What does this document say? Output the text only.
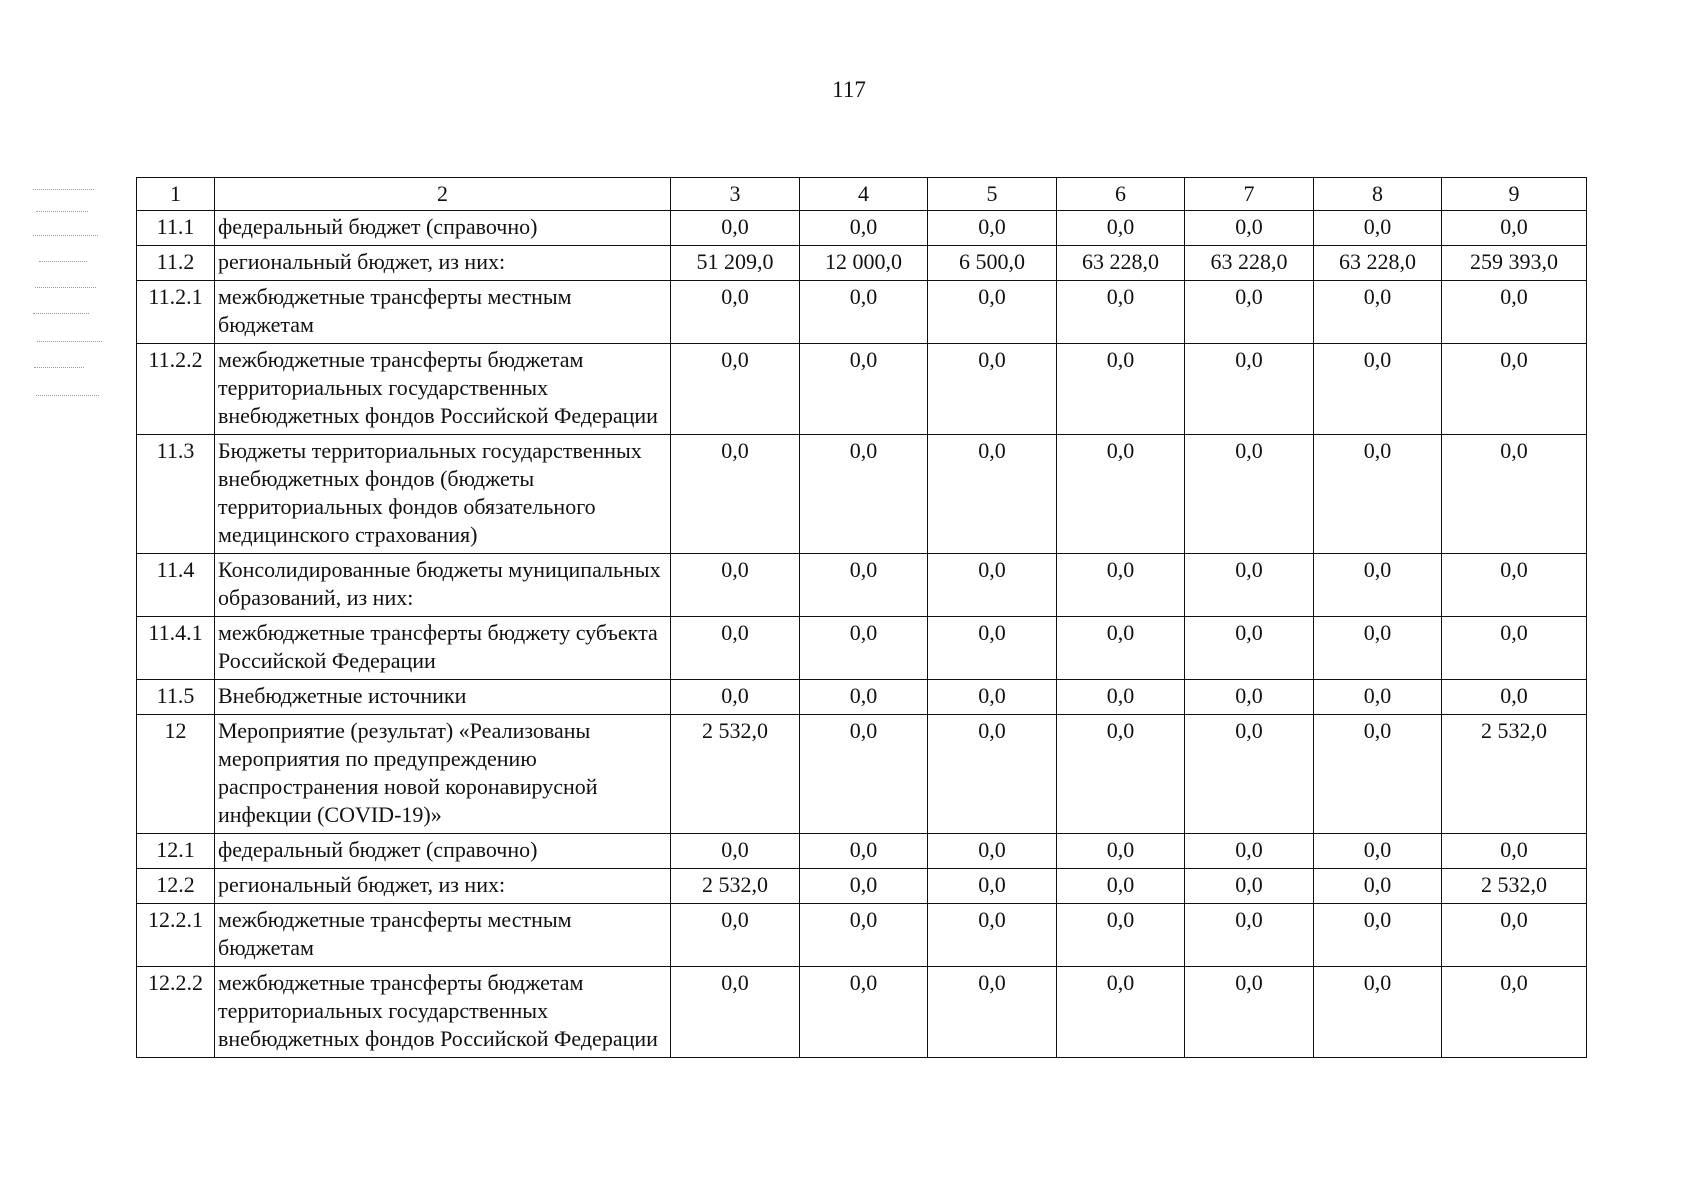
117
1	2	3	4	5	6	7	8	9
11.1	федеральный бюджет (справочно)	0,0	0,0	0,0	0,0	0,0	0,0	0,0
11.2	региональный бюджет, из них:	51 209,0	12 000,0	6 500,0	63 228,0	63 228,0	63 228,0	259 393,0
11.2.1	межбюджетные трансферты местным бюджетам	0,0	0,0	0,0	0,0	0,0	0,0	0,0
11.2.2	межбюджетные трансферты бюджетам территориальных государственных внебюджетных фондов Российской Федерации	0,0	0,0	0,0	0,0	0,0	0,0	0,0
11.3	Бюджеты территориальных государственных внебюджетных фондов (бюджеты территориальных фондов обязательного медицинского страхования)	0,0	0,0	0,0	0,0	0,0	0,0	0,0
11.4	Консолидированные бюджеты муниципальных образований, из них:	0,0	0,0	0,0	0,0	0,0	0,0	0,0
11.4.1	межбюджетные трансферты бюджету субъекта Российской Федерации	0,0	0,0	0,0	0,0	0,0	0,0	0,0
11.5	Внебюджетные источники	0,0	0,0	0,0	0,0	0,0	0,0	0,0
12	Мероприятие (результат) «Реализованы мероприятия по предупреждению распространения новой коронавирусной инфекции (COVID-19)»	2 532,0	0,0	0,0	0,0	0,0	0,0	2 532,0
12.1	федеральный бюджет (справочно)	0,0	0,0	0,0	0,0	0,0	0,0	0,0
12.2	региональный бюджет, из них:	2 532,0	0,0	0,0	0,0	0,0	0,0	2 532,0
12.2.1	межбюджетные трансферты местным бюджетам	0,0	0,0	0,0	0,0	0,0	0,0	0,0
12.2.2	межбюджетные трансферты бюджетам территориальных государственных внебюджетных фондов Российской Федерации	0,0	0,0	0,0	0,0	0,0	0,0	0,0
